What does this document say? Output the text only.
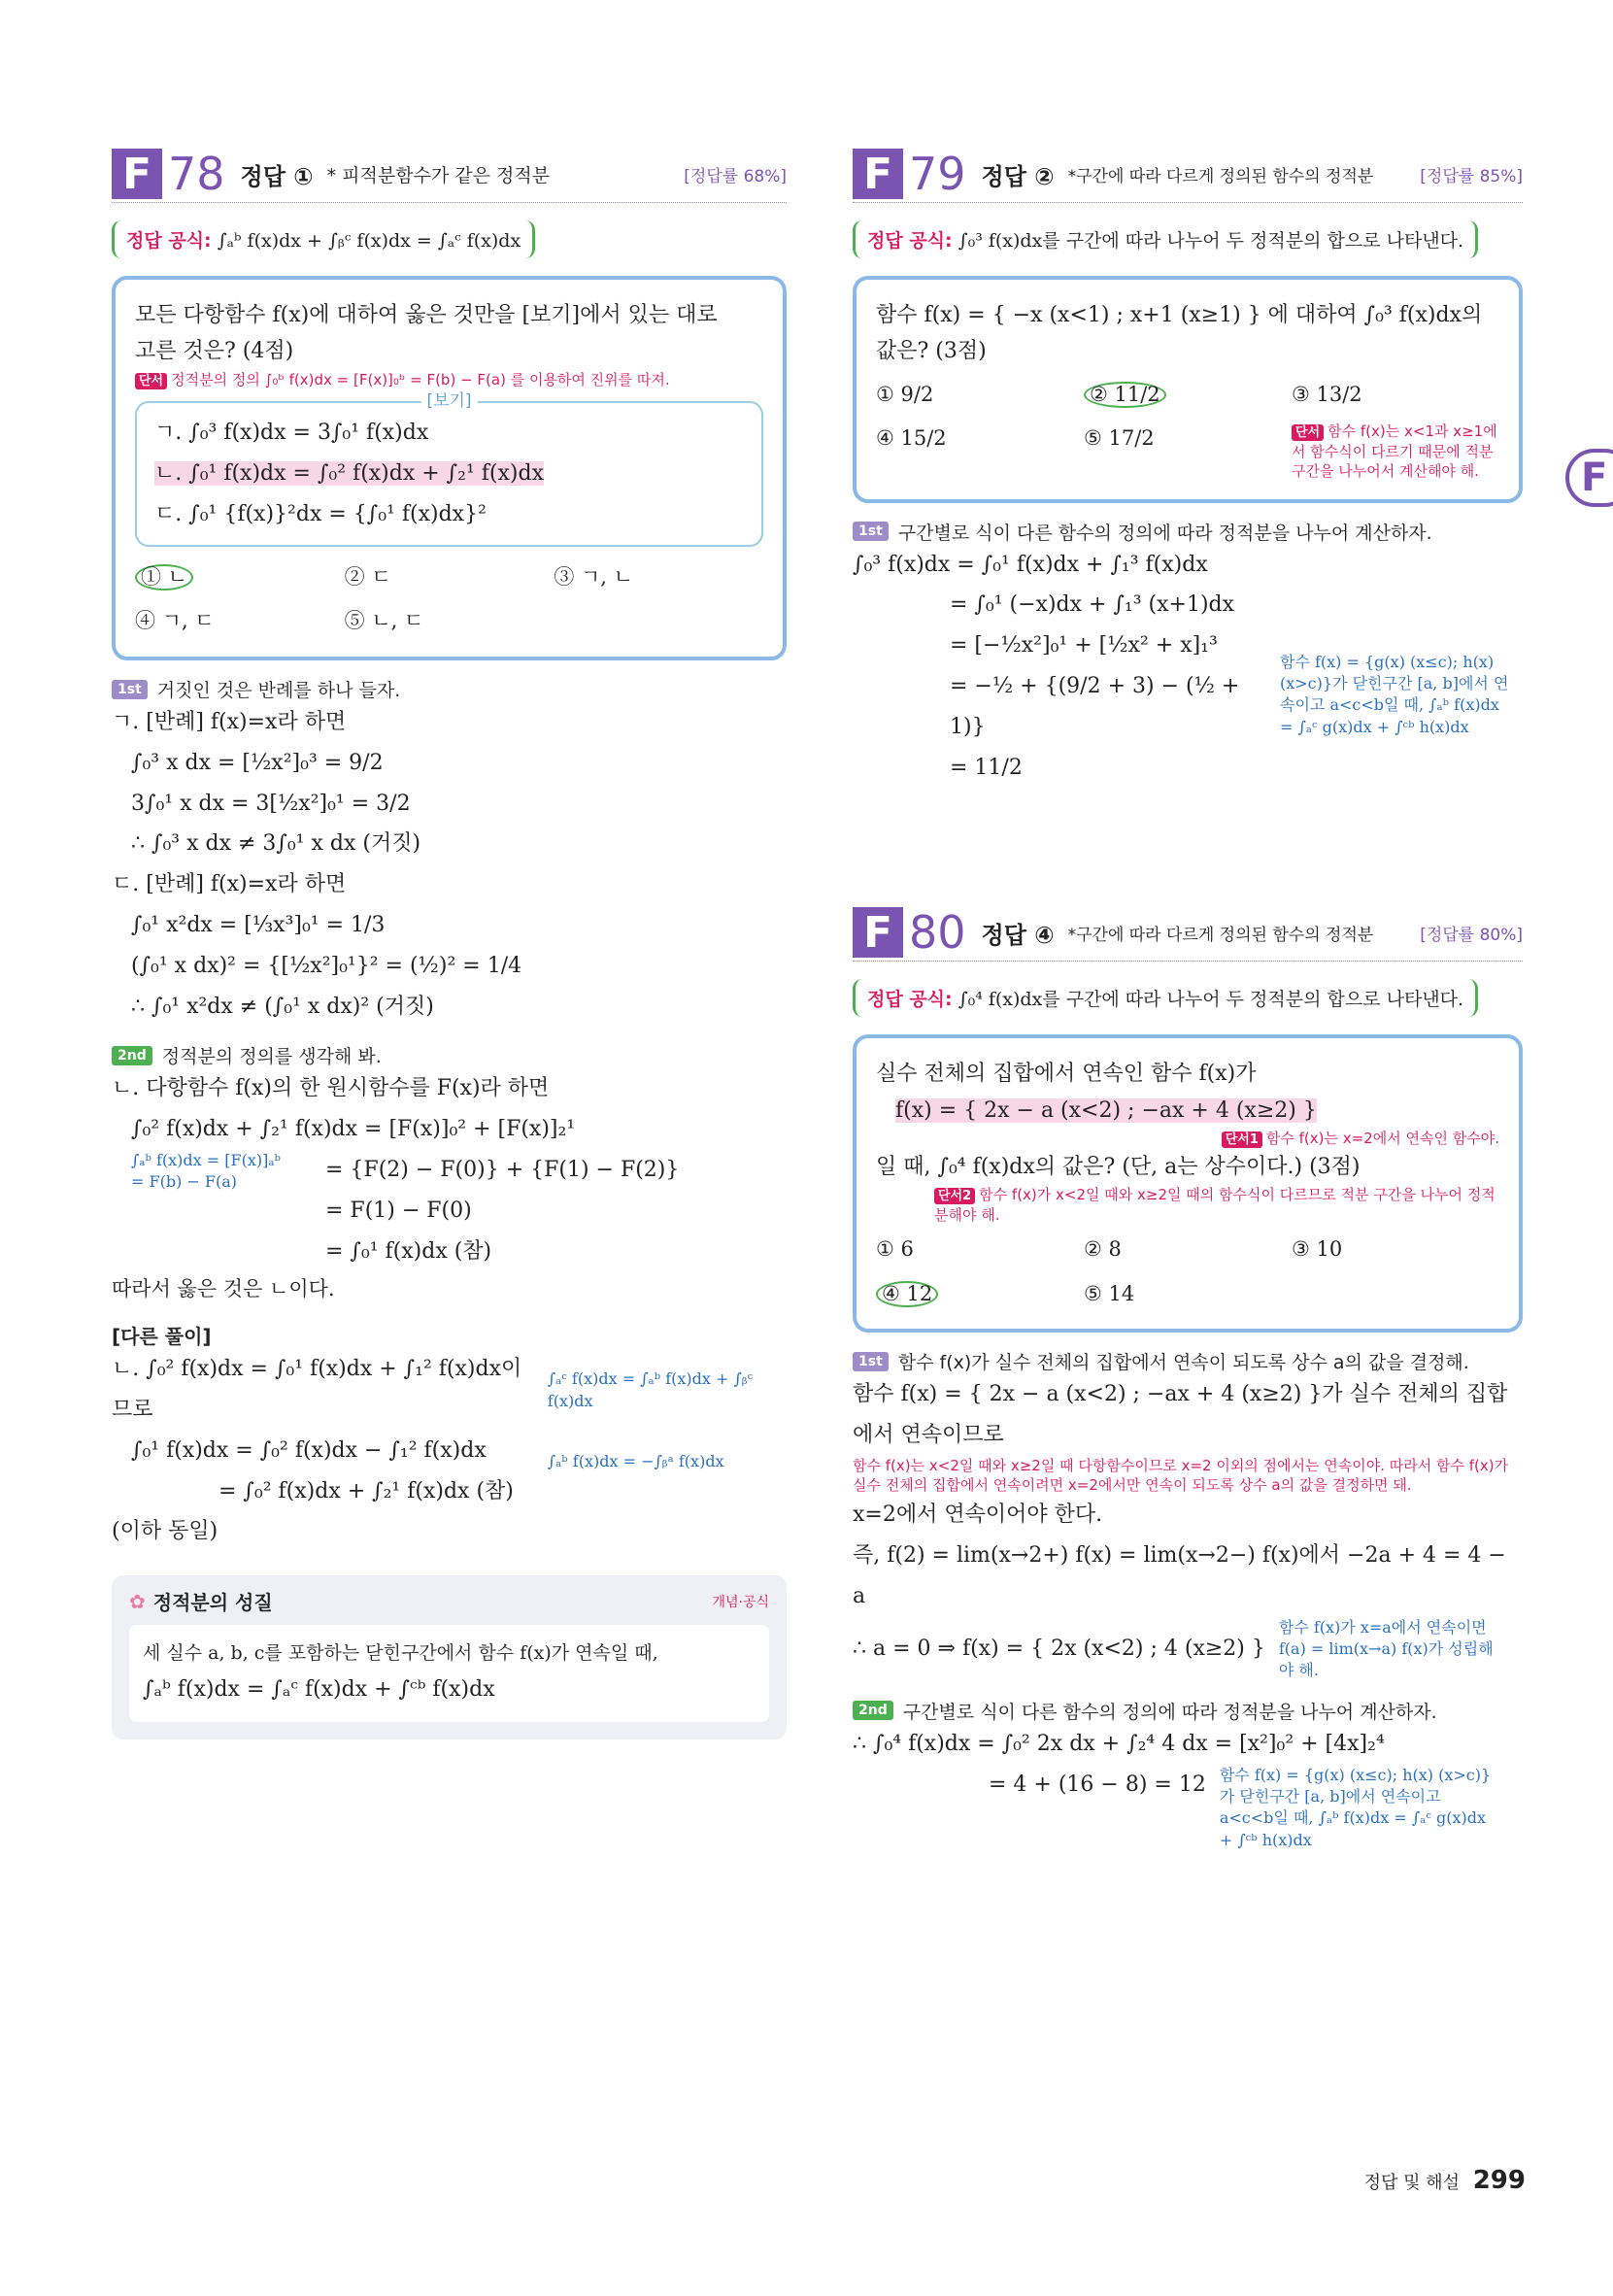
F 78 정답 ① * 피적분함수가 같은 정적분	[정답률 68%]
정답 공식: ∫ₐᵇ f(x)dx + ∫ᵦᶜ f(x)dx = ∫ₐᶜ f(x)dx
모든 다항함수 f(x)에 대하여 옳은 것만을 [보기]에서 있는 대로
고른 것은? (4점)
단서 정적분의 정의 ∫₀ᵇ f(x)dx = [F(x)]₀ᵇ = F(b) − F(a) 를 이용하여 진위를 따져.
[보기]
ㄱ. ∫₀³ f(x)dx = 3∫₀¹ f(x)dx
ㄴ. ∫₀¹ f(x)dx = ∫₀² f(x)dx + ∫₂¹ f(x)dx
ㄷ. ∫₀¹ {f(x)}²dx = {∫₀¹ f(x)dx}²
① ㄴ	② ㄷ	③ ㄱ, ㄴ
④ ㄱ, ㄷ	⑤ ㄴ, ㄷ
1st 거짓인 것은 반례를 하나 들자.
ㄱ. [반례] f(x)=x라 하면
∫₀³ x dx = [½x²]₀³ = 9/2
3∫₀¹ x dx = 3[½x²]₀¹ = 3/2
∴ ∫₀³ x dx ≠ 3∫₀¹ x dx (거짓)
ㄷ. [반례] f(x)=x라 하면
∫₀¹ x²dx = [⅓x³]₀¹ = 1/3
(∫₀¹ x dx)² = {[½x²]₀¹}² = (½)² = 1/4
∴ ∫₀¹ x²dx ≠ (∫₀¹ x dx)² (거짓)
2nd 정적분의 정의를 생각해 봐.
ㄴ. 다항함수 f(x)의 한 원시함수를 F(x)라 하면
∫₀² f(x)dx + ∫₂¹ f(x)dx = [F(x)]₀² + [F(x)]₂¹
∫ₐᵇ f(x)dx = [F(x)]ₐᵇ = F(b) − F(a)	= {F(2) − F(0)} + {F(1) − F(2)}
= F(1) − F(0)
= ∫₀¹ f(x)dx (참)
따라서 옳은 것은 ㄴ이다.
[다른 풀이]
ㄴ. ∫₀² f(x)dx = ∫₀¹ f(x)dx + ∫₁² f(x)dx이므로
∫₀¹ f(x)dx = ∫₀² f(x)dx − ∫₁² f(x)dx
= ∫₀² f(x)dx + ∫₂¹ f(x)dx (참)
(이하 동일)
∫ₐᶜ f(x)dx = ∫ₐᵇ f(x)dx + ∫ᵦᶜ f(x)dx
∫ₐᵇ f(x)dx = −∫ᵦᵃ f(x)dx
✿ 정적분의 성질	개념·공식
세 실수 a, b, c를 포함하는 닫힌구간에서 함수 f(x)가 연속일 때,
∫ₐᵇ f(x)dx = ∫ₐᶜ f(x)dx + ∫ᶜᵇ f(x)dx
F 79 정답 ② *구간에 따라 다르게 정의된 함수의 정적분	[정답률 85%]
정답 공식: ∫₀³ f(x)dx를 구간에 따라 나누어 두 정적분의 합으로 나타낸다.
함수 f(x) = { −x (x<1) ; x+1 (x≥1) } 에 대하여 ∫₀³ f(x)dx의 값은? (3점)
① 9/2	② 11/2	③ 13/2
④ 15/2	⑤ 17/2	단서 함수 f(x)는 x<1과 x≥1에서 함수식이 다르기 때문에 적분 구간을 나누어서 계산해야 해.
1st 구간별로 식이 다른 함수의 정의에 따라 정적분을 나누어 계산하자.
∫₀³ f(x)dx = ∫₀¹ f(x)dx + ∫₁³ f(x)dx
= ∫₀¹ (−x)dx + ∫₁³ (x+1)dx
= [−½x²]₀¹ + [½x² + x]₁³
= −½ + {(9/2 + 3) − (½ + 1)}
= 11/2
함수 f(x) = {g(x) (x≤c); h(x) (x>c)}가 닫힌구간 [a, b]에서 연속이고 a<c<b일 때, ∫ₐᵇ f(x)dx = ∫ₐᶜ g(x)dx + ∫ᶜᵇ h(x)dx
F 80 정답 ④ *구간에 따라 다르게 정의된 함수의 정적분	[정답률 80%]
정답 공식: ∫₀⁴ f(x)dx를 구간에 따라 나누어 두 정적분의 합으로 나타낸다.
실수 전체의 집합에서 연속인 함수 f(x)가
f(x) = { 2x − a (x<2) ; −ax + 4 (x≥2) }
단서1 함수 f(x)는 x=2에서 연속인 함수야.
일 때, ∫₀⁴ f(x)dx의 값은? (단, a는 상수이다.) (3점)
단서2 함수 f(x)가 x<2일 때와 x≥2일 때의 함수식이 다르므로 적분 구간을 나누어 정적분해야 해.
① 6	② 8	③ 10
④ 12	⑤ 14
1st 함수 f(x)가 실수 전체의 집합에서 연속이 되도록 상수 a의 값을 결정해.
함수 f(x) = { 2x − a (x<2) ; −ax + 4 (x≥2) }가 실수 전체의 집합에서 연속이므로
함수 f(x)는 x<2일 때와 x≥2일 때 다항함수이므로 x=2 이외의 점에서는 연속이야. 따라서 함수 f(x)가 실수 전체의 집합에서 연속이려면 x=2에서만 연속이 되도록 상수 a의 값을 결정하면 돼.
x=2에서 연속이어야 한다.
즉, f(2) = lim(x→2+) f(x) = lim(x→2−) f(x)에서 −2a + 4 = 4 − a
∴ a = 0 ⇒ f(x) = { 2x (x<2) ; 4 (x≥2) }
함수 f(x)가 x=a에서 연속이면 f(a) = lim(x→a) f(x)가 성립해야 해.
2nd 구간별로 식이 다른 함수의 정의에 따라 정적분을 나누어 계산하자.
∴ ∫₀⁴ f(x)dx = ∫₀² 2x dx + ∫₂⁴ 4 dx = [x²]₀² + [4x]₂⁴
= 4 + (16 − 8) = 12 함수 f(x) = {g(x) (x≤c); h(x) (x>c)}가 닫힌구간 [a, b]에서 연속이고 a<c<b일 때, ∫ₐᵇ f(x)dx = ∫ₐᶜ g(x)dx + ∫ᶜᵇ h(x)dx
F
정답 및 해설 299
